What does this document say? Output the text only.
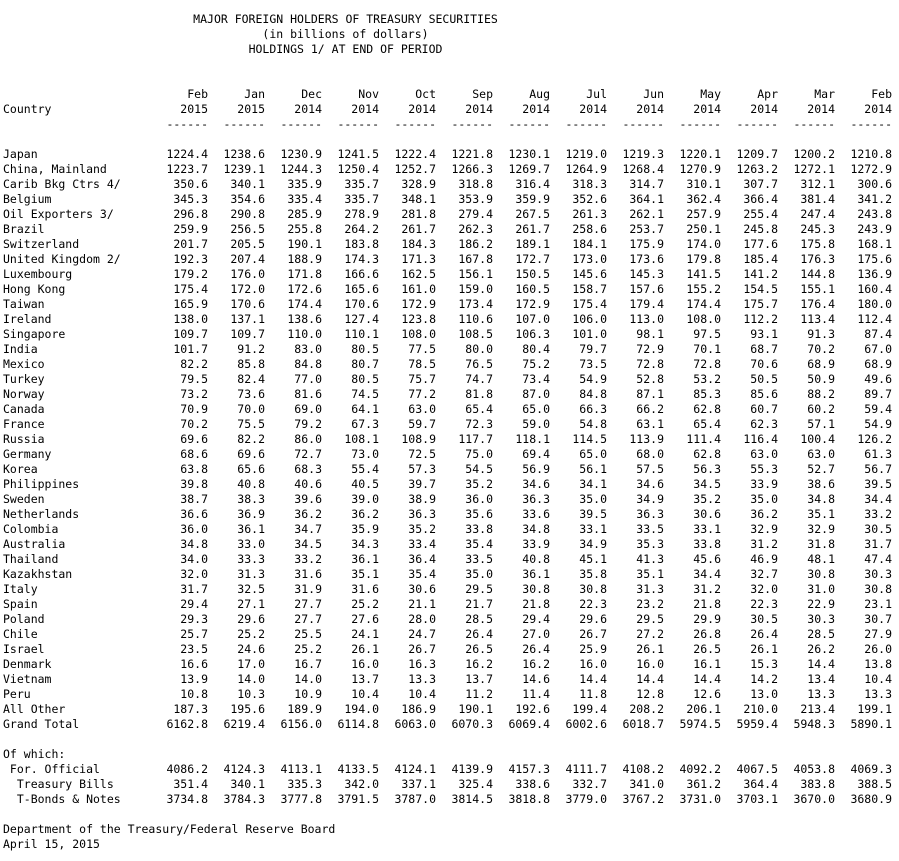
MAJOR FOREIGN HOLDERS OF TREASURY SECURITIES
(in billions of dollars)
HOLDINGS 1/ AT END OF PERIOD
Feb	Jan	Dec	Nov	Oct	Sep	Aug	Jul	Jun	May	Apr	Mar	Feb
Country	2015	2015	2014	2014	2014	2014	2014	2014	2014	2014	2014	2014	2014
------	------	------	------	------	------	------	------	------	------	------	------	------
Japan	1224.4	1238.6	1230.9	1241.5	1222.4	1221.8	1230.1	1219.0	1219.3	1220.1	1209.7	1200.2	1210.8
China, Mainland	1223.7	1239.1	1244.3	1250.4	1252.7	1266.3	1269.7	1264.9	1268.4	1270.9	1263.2	1272.1	1272.9
Carib Bkg Ctrs 4/	350.6	340.1	335.9	335.7	328.9	318.8	316.4	318.3	314.7	310.1	307.7	312.1	300.6
Belgium	345.3	354.6	335.4	335.7	348.1	353.9	359.9	352.6	364.1	362.4	366.4	381.4	341.2
Oil Exporters 3/	296.8	290.8	285.9	278.9	281.8	279.4	267.5	261.3	262.1	257.9	255.4	247.4	243.8
Brazil	259.9	256.5	255.8	264.2	261.7	262.3	261.7	258.6	253.7	250.1	245.8	245.3	243.9
Switzerland	201.7	205.5	190.1	183.8	184.3	186.2	189.1	184.1	175.9	174.0	177.6	175.8	168.1
United Kingdom 2/	192.3	207.4	188.9	174.3	171.3	167.8	172.7	173.0	173.6	179.8	185.4	176.3	175.6
Luxembourg	179.2	176.0	171.8	166.6	162.5	156.1	150.5	145.6	145.3	141.5	141.2	144.8	136.9
Hong Kong	175.4	172.0	172.6	165.6	161.0	159.0	160.5	158.7	157.6	155.2	154.5	155.1	160.4
Taiwan	165.9	170.6	174.4	170.6	172.9	173.4	172.9	175.4	179.4	174.4	175.7	176.4	180.0
Ireland	138.0	137.1	138.6	127.4	123.8	110.6	107.0	106.0	113.0	108.0	112.2	113.4	112.4
Singapore	109.7	109.7	110.0	110.1	108.0	108.5	106.3	101.0	98.1	97.5	93.1	91.3	87.4
India	101.7	91.2	83.0	80.5	77.5	80.0	80.4	79.7	72.9	70.1	68.7	70.2	67.0
Mexico	82.2	85.8	84.8	80.7	78.5	76.5	75.2	73.5	72.8	72.8	70.6	68.9	68.9
Turkey	79.5	82.4	77.0	80.5	75.7	74.7	73.4	54.9	52.8	53.2	50.5	50.9	49.6
Norway	73.2	73.6	81.6	74.5	77.2	81.8	87.0	84.8	87.1	85.3	85.6	88.2	89.7
Canada	70.9	70.0	69.0	64.1	63.0	65.4	65.0	66.3	66.2	62.8	60.7	60.2	59.4
France	70.2	75.5	79.2	67.3	59.7	72.3	59.0	54.8	63.1	65.4	62.3	57.1	54.9
Russia	69.6	82.2	86.0	108.1	108.9	117.7	118.1	114.5	113.9	111.4	116.4	100.4	126.2
Germany	68.6	69.6	72.7	73.0	72.5	75.0	69.4	65.0	68.0	62.8	63.0	63.0	61.3
Korea	63.8	65.6	68.3	55.4	57.3	54.5	56.9	56.1	57.5	56.3	55.3	52.7	56.7
Philippines	39.8	40.8	40.6	40.5	39.7	35.2	34.6	34.1	34.6	34.5	33.9	38.6	39.5
Sweden	38.7	38.3	39.6	39.0	38.9	36.0	36.3	35.0	34.9	35.2	35.0	34.8	34.4
Netherlands	36.6	36.9	36.2	36.2	36.3	35.6	33.6	39.5	36.3	30.6	36.2	35.1	33.2
Colombia	36.0	36.1	34.7	35.9	35.2	33.8	34.8	33.1	33.5	33.1	32.9	32.9	30.5
Australia	34.8	33.0	34.5	34.3	33.4	35.4	33.9	34.9	35.3	33.8	31.2	31.8	31.7
Thailand	34.0	33.3	33.2	36.1	36.4	33.5	40.8	45.1	41.3	45.6	46.9	48.1	47.4
Kazakhstan	32.0	31.3	31.6	35.1	35.4	35.0	36.1	35.8	35.1	34.4	32.7	30.8	30.3
Italy	31.7	32.5	31.9	31.6	30.6	29.5	30.8	30.8	31.3	31.2	32.0	31.0	30.8
Spain	29.4	27.1	27.7	25.2	21.1	21.7	21.8	22.3	23.2	21.8	22.3	22.9	23.1
Poland	29.3	29.6	27.7	27.6	28.0	28.5	29.4	29.6	29.5	29.9	30.5	30.3	30.7
Chile	25.7	25.2	25.5	24.1	24.7	26.4	27.0	26.7	27.2	26.8	26.4	28.5	27.9
Israel	23.5	24.6	25.2	26.1	26.7	26.5	26.4	25.9	26.1	26.5	26.1	26.2	26.0
Denmark	16.6	17.0	16.7	16.0	16.3	16.2	16.2	16.0	16.0	16.1	15.3	14.4	13.8
Vietnam	13.9	14.0	14.0	13.7	13.3	13.7	14.6	14.4	14.4	14.4	14.2	13.4	10.4
Peru	10.8	10.3	10.9	10.4	10.4	11.2	11.4	11.8	12.8	12.6	13.0	13.3	13.3
All Other	187.3	195.6	189.9	194.0	186.9	190.1	192.6	199.4	208.2	206.1	210.0	213.4	199.1
Grand Total	6162.8	6219.4	6156.0	6114.8	6063.0	6070.3	6069.4	6002.6	6018.7	5974.5	5959.4	5948.3	5890.1
Of which:
For. Official	4086.2	4124.3	4113.1	4133.5	4124.1	4139.9	4157.3	4111.7	4108.2	4092.2	4067.5	4053.8	4069.3
Treasury Bills	351.4	340.1	335.3	342.0	337.1	325.4	338.6	332.7	341.0	361.2	364.4	383.8	388.5
T-Bonds & Notes	3734.8	3784.3	3777.8	3791.5	3787.0	3814.5	3818.8	3779.0	3767.2	3731.0	3703.1	3670.0	3680.9
Department of the Treasury/Federal Reserve Board
April 15, 2015
